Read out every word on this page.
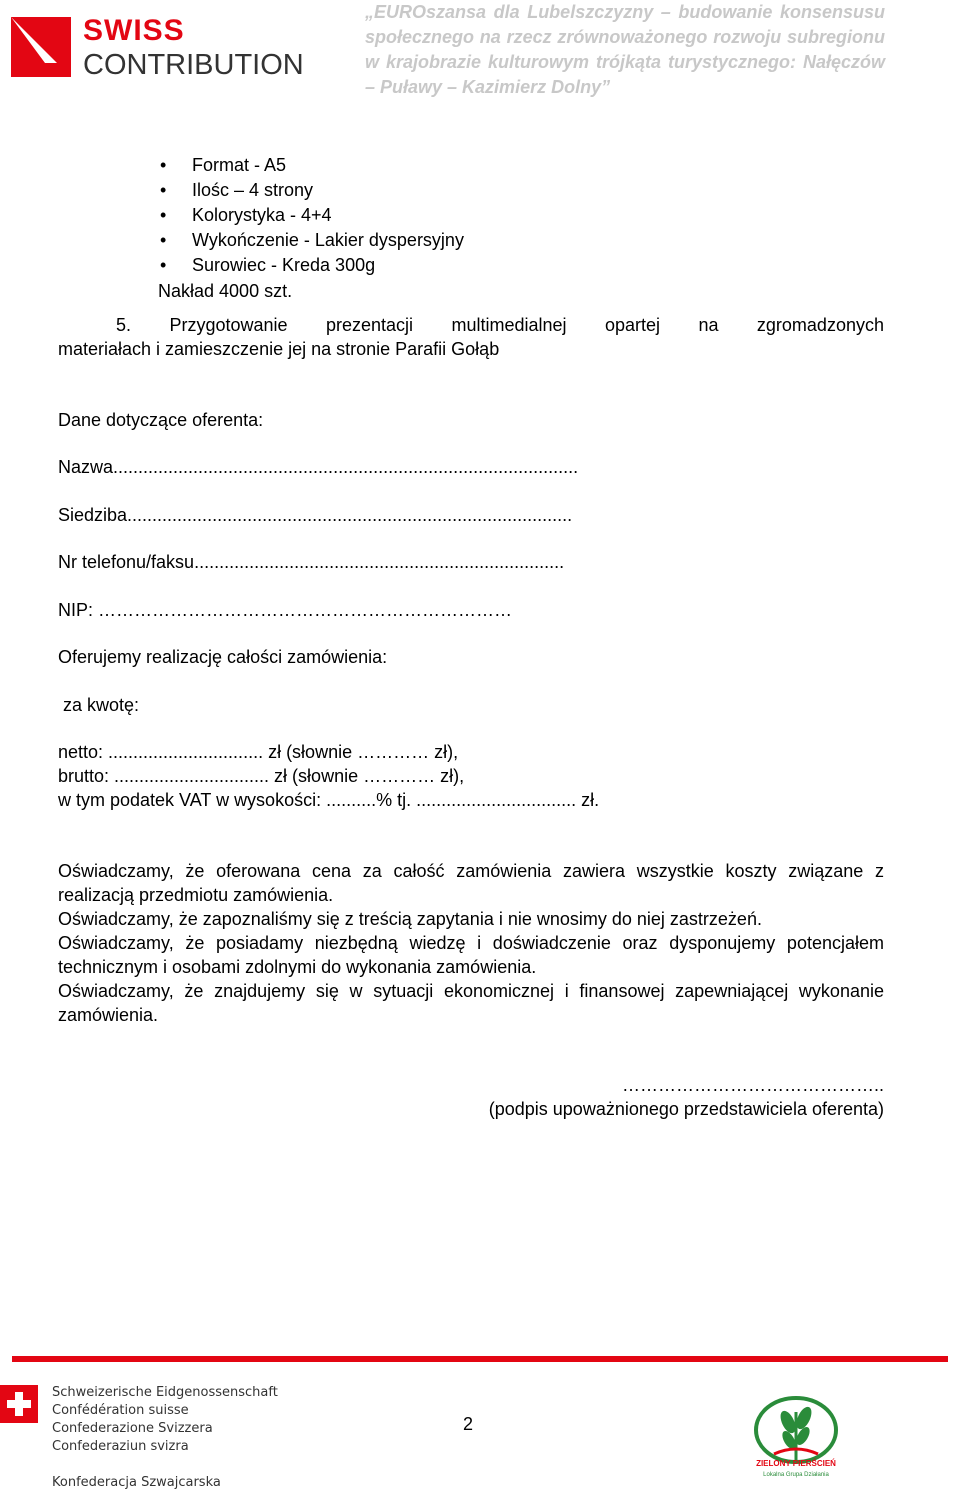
SWISS
CONTRIBUTION
„EUROszansa dla Lubelszczyzny – budowanie konsensusu społecznego na rzecz zrównoważonego rozwoju subregionu w krajobrazie kulturowym trójkąta turystycznego: Nałęczów – Puławy – Kazimierz Dolny”
• Format - A5
• Ilośc – 4 strony
• Kolorystyka - 4+4
• Wykończenie - Lakier dyspersyjny
• Surowiec - Kreda 300g
Nakład 4000 szt.
5. Przygotowanie prezentacji multimedialnej opartej na zgromadzonych
materiałach i zamieszczenie jej na stronie Parafii Gołąb
Dane dotyczące oferenta:
Nazwa.............................................................................................
Siedziba.........................................................................................
Nr telefonu/faksu..........................................................................
NIP: ……………………………………………………………
Oferujemy realizację całości zamówienia:
za kwotę:
netto: ............................... zł (słownie ………… zł),
brutto: ............................... zł (słownie ………… zł),
w tym podatek VAT w wysokości: ..........% tj. ................................ zł.
Oświadczamy, że oferowana cena za całość zamówienia zawiera wszystkie koszty związane z realizacją przedmiotu zamówienia.
Oświadczamy, że zapoznaliśmy się z treścią zapytania i nie wnosimy do niej zastrzeżeń.
Oświadczamy, że posiadamy niezbędną wiedzę i doświadczenie oraz dysponujemy potencjałem technicznym i osobami zdolnymi do wykonania zamówienia.
Oświadczamy, że znajdujemy się w sytuacji ekonomicznej i finansowej zapewniającej wykonanie zamówienia.
……………………………………..
(podpis upoważnionego przedstawiciela oferenta)
Schweizerische Eidgenossenschaft
Confédération suisse
Confederazione Svizzera
Confederaziun svizra
Konfederacja Szwajcarska
2
ZIELONY PIERŚCIEŃ
Lokalna Grupa Działania
